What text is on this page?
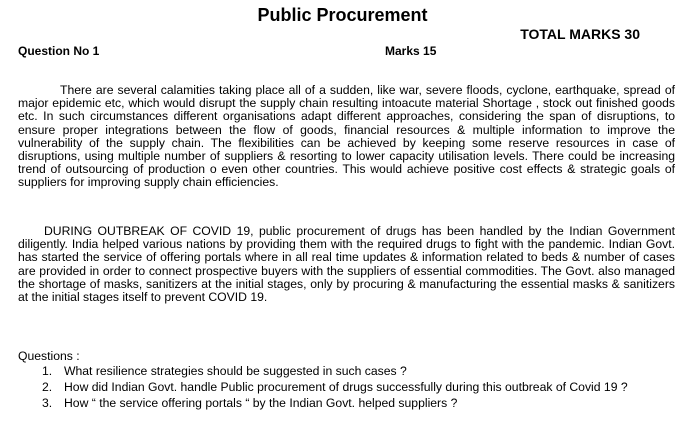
Public Procurement
TOTAL MARKS 30
Question No 1	Marks 15

There are several calamities taking place all of a sudden, like war, severe floods, cyclone, earthquake, spread of major epidemic etc, which would disrupt the supply chain resulting intoacute material Shortage , stock out finished goods etc. In such circumstances different organisations adapt different approaches, considering the span of disruptions, to ensure proper integrations between the flow of goods, financial resources & multiple information to improve the vulnerability of the supply chain. The flexibilities can be achieved by keeping some reserve resources in case of disruptions, using multiple number of suppliers & resorting to lower capacity utilisation levels. There could be increasing trend of outsourcing of production o even other countries. This would achieve positive cost effects & strategic goals of suppliers for improving supply chain efficiencies.

DURING OUTBREAK OF COVID 19, public procurement of drugs has been handled by the Indian Government diligently. India helped various nations by providing them with the required drugs to fight with the pandemic. Indian Govt. has started the service of offering portals where in all real time updates & information related to beds & number of cases are provided in order to connect prospective buyers with the suppliers of essential commodities. The Govt. also managed the shortage of masks, sanitizers at the initial stages, only by procuring & manufacturing the essential masks & sanitizers at the initial stages itself to prevent COVID 19.

Questions :
1. What resilience strategies should be suggested in such cases ?
2. How did Indian Govt. handle Public procurement of drugs successfully during this outbreak of Covid 19 ?
3. How “ the service offering portals “ by the Indian Govt. helped suppliers ?
